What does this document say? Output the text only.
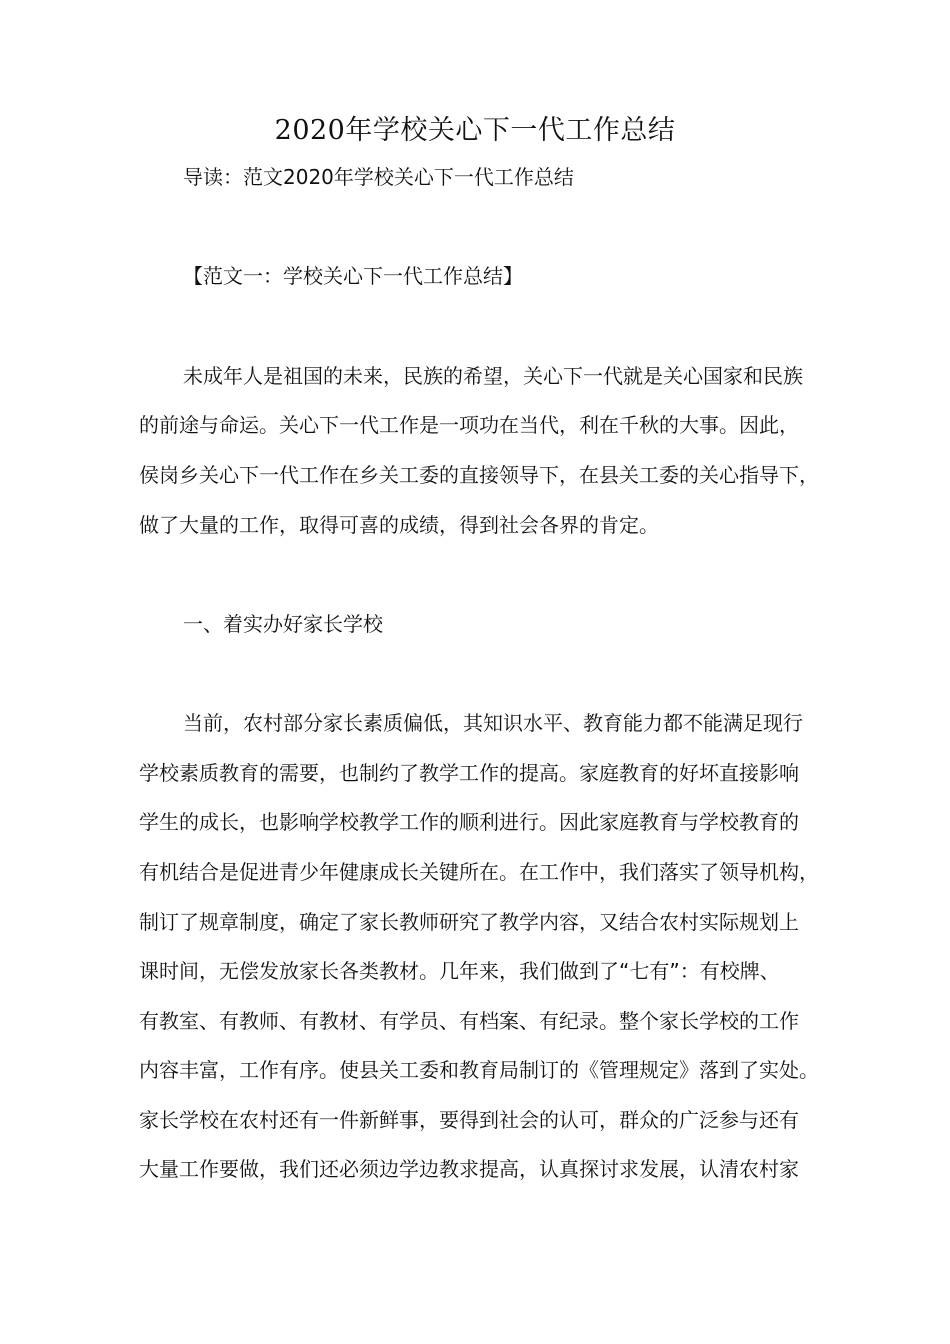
2020年学校关心下一代工作总结

导读：范文2020年学校关心下一代工作总结

【范文一：学校关心下一代工作总结】

未成年人是祖国的未来，民族的希望，关心下一代就是关心国家和民族

的前途与命运。关心下一代工作是一项功在当代，利在千秋的大事。因此，

侯岗乡关心下一代工作在乡关工委的直接领导下，在县关工委的关心指导下，

做了大量的工作，取得可喜的成绩，得到社会各界的肯定。

一、着实办好家长学校

当前，农村部分家长素质偏低，其知识水平、教育能力都不能满足现行

学校素质教育的需要，也制约了教学工作的提高。家庭教育的好坏直接影响

学生的成长，也影响学校教学工作的顺利进行。因此家庭教育与学校教育的

有机结合是促进青少年健康成长关键所在。在工作中，我们落实了领导机构，

制订了规章制度，确定了家长教师研究了教学内容，又结合农村实际规划上

课时间，无偿发放家长各类教材。几年来，我们做到了“七有”：有校牌、

有教室、有教师、有教材、有学员、有档案、有纪录。整个家长学校的工作

内容丰富，工作有序。使县关工委和教育局制订的《管理规定》落到了实处。

家长学校在农村还有一件新鲜事，要得到社会的认可，群众的广泛参与还有

大量工作要做，我们还必须边学边教求提高，认真探讨求发展，认清农村家
